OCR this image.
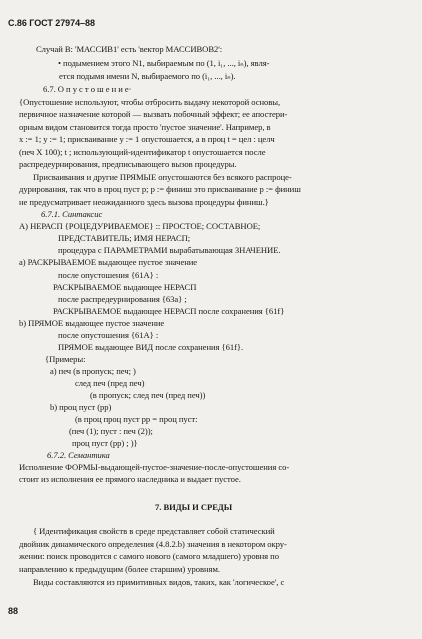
С.86 ГОСТ 27974–88
Случай В: 'МАССИВ1' есть 'вектор МАССИВОВ2':
• подымением этого N1, выбираемым по (1, i₁, ..., iₙ), явля-
ется подымя имени N, выбираемого по (i₁, ..., iₙ).
6.7. О п у с т о ш е н и е·
{Опустошение используют, чтобы отбросить выдачу некоторой основы,
первичное назначение которой — вызвать побочный эффект; ее апостери-
орным видом становится тогда просто 'пустое значение'. Например, в
x := 1; y := 1; присваивание y := 1 опустошается, а в проц t = цел : целч
(печ X 100); t ; использующий-идентификатор t опустошается после
распредеурнирования, предписывающего вызов процедуры.
Присваивания и другие ПРЯМЫЕ опустошаются без всякого распроце-
дурирования, так что в проц пуст p; p := финиш это присваивание p := финиш
не предусматривает неожиданного здесь вызова процедуры финиш.}
6.7.1. Синтаксис
A) НЕРАСП {РОЦЕДУРИВАЕМОЕ} :: ПРОСТОЕ; СОСТАВНОЕ;
ПРЕДСТАВИТЕЛЬ; ИМЯ НЕРАСП;
процедура с ПАРАМЕТРАМИ вырабатывающая ЗНАЧЕНИЕ.
a) РАСКРЫВАЕМОЕ выдающее пустое значение
после опустошения {61A} :
РАСКРЫВАЕМОЕ выдающее НЕРАСП
после распредеурнирования {63a} ;
РАСКРЫВАЕМОЕ выдающее НЕРАСП после сохранения {61f}
b) ПРЯМОЕ выдающее пустое значение
после опустошения {61A} :
ПРЯМОЕ выдающее ВИД после сохранения {61f}.
{Примеры:
a) печ (в пропуск; печ; )
след печ (пред печ)
(в пропуск; след печ (пред печ))
b) проц пуст (pp)
(в проц проц пуст pp = проц пуст:
(печ (1); пуст : печ (2));
проц пуст (pp) ; )}
6.7.2. Семантика
Исполнение ФОРМЫ-выдающей-пустое-значение-после-опустошения со-
стоит из исполнения ее прямого наследника и выдает пустое.
7. ВИДЫ И СРЕДЫ
{ Идентификация свойств в среде представляет собой статический
двойник динамического определения (4.8.2.b) значения в некотором окру-
жении: поиск проводится с самого нового (самого младшего) уровня по
направлению к предыдущим (более старшим) уровням.
Виды составляются из примитивных видов, таких, как 'логическое', с
88
